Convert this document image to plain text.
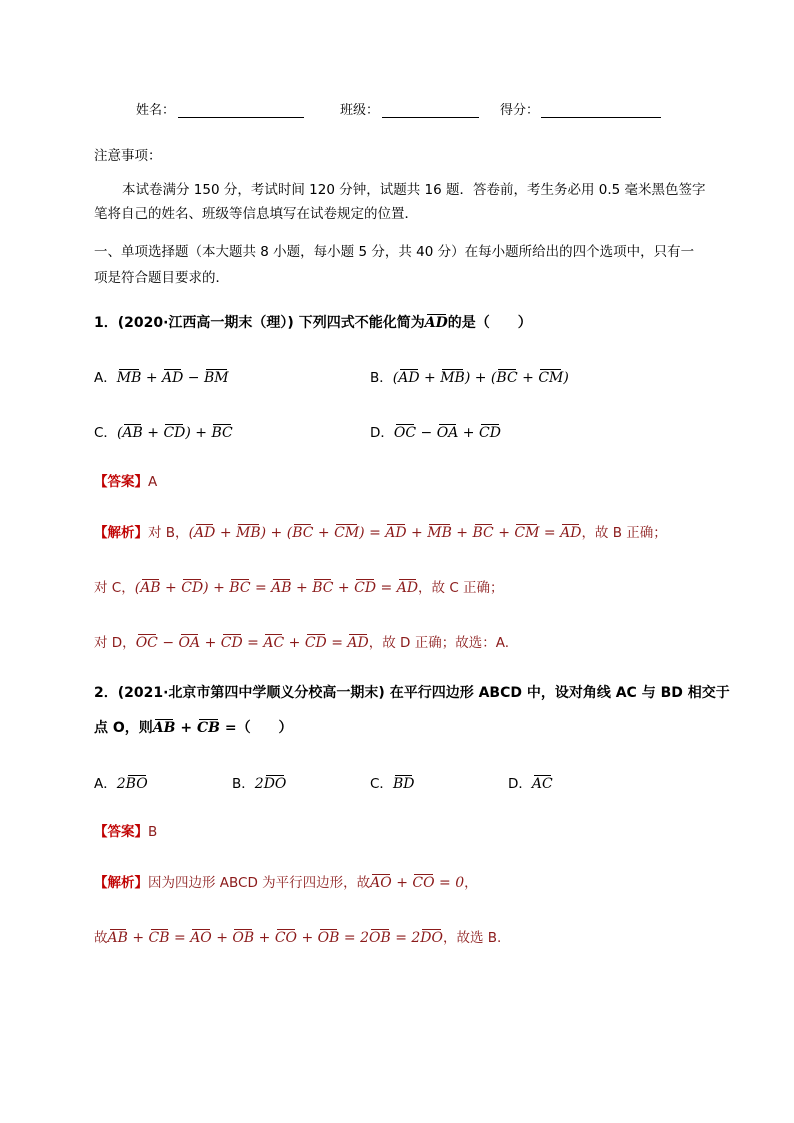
姓名：	班级：	得分：
注意事项：
本试卷满分 150 分，考试时间 120 分钟，试题共 16 题．答卷前，考生务必用 0.5 毫米黑色签字
笔将自己的姓名、班级等信息填写在试卷规定的位置．
一、单项选择题（本大题共 8 小题，每小题 5 分，共 40 分）在每小题所给出的四个选项中，只有一
项是符合题目要求的．
1．(2020·江西高一期末（理）) 下列四式不能化简为AD的是（　　）
A．MB + AD − BM	B．(AD + MB) + (BC + CM)
C．(AB + CD) + BC	D．OC − OA + CD
【答案】A
【解析】对 B，(AD + MB) + (BC + CM) = AD + MB + BC + CM = AD，故 B 正确；
对 C，(AB + CD) + BC = AB + BC + CD = AD，故 C 正确；
对 D，OC − OA + CD = AC + CD = AD，故 D 正确；故选：A.
2．(2021·北京市第四中学顺义分校高一期末) 在平行四边形 ABCD 中，设对角线 AC 与 BD 相交于
点 O，则AB + CB =（　　）
A．2BO	B．2DO	C．BD	D．AC
【答案】B
【解析】因为四边形 ABCD 为平行四边形，故AO + CO = 0，
故AB + CB = AO + OB + CO + OB = 2OB = 2DO，故选 B.
